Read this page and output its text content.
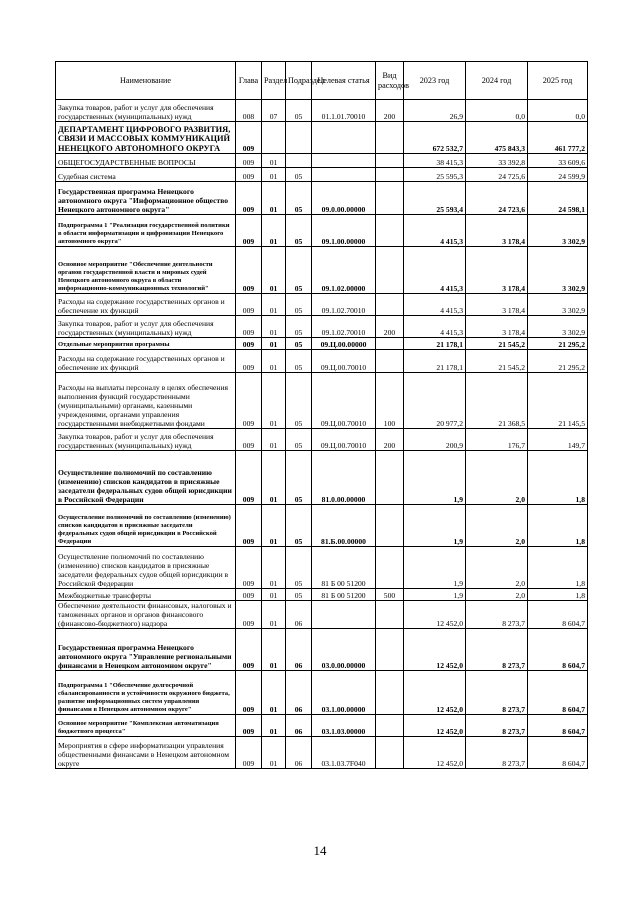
Наименование	Глава	Раздел	Подраздел	Целевая статья	Вид расходов	2023 год	2024 год	2025 год
Закупка товаров, работ и услуг для обеспечения государственных (муниципальных) нужд	008	07	05	01.1.01.70010	200	26,9	0,0	0,0
ДЕПАРТАМЕНТ ЦИФРОВОГО РАЗВИТИЯ, СВЯЗИ И МАССОВЫХ КОММУНИКАЦИЙ НЕНЕЦКОГО АВТОНОМНОГО ОКРУГА	009					672 532,7	475 843,3	461 777,2
ОБЩЕГОСУДАРСТВЕННЫЕ ВОПРОСЫ	009	01				38 415,3	33 392,8	33 609,6
Судебная система	009	01	05			25 595,3	24 725,6	24 599,9
Государственная программа Ненецкого автономного округа "Информационное общество Ненецкого автономного округа"	009	01	05	09.0.00.00000		25 593,4	24 723,6	24 598,1
Подпрограмма 1 "Реализация государственной политики в области информатизации и цифровизации Ненецкого автономного округа"	009	01	05	09.1.00.00000		4 415,3	3 178,4	3 302,9
Основное мероприятие "Обеспечение деятельности органов государственной власти и мировых судей Ненецкого автономного округа в области информационно-коммуникационных технологий"	009	01	05	09.1.02.00000		4 415,3	3 178,4	3 302,9
Расходы на содержание государственных органов и обеспечение их функций	009	01	05	09.1.02.70010		4 415,3	3 178,4	3 302,9
Закупка товаров, работ и услуг для обеспечения государственных (муниципальных) нужд	009	01	05	09.1.02.70010	200	4 415,3	3 178,4	3 302,9
Отдельные мероприятия программы	009	01	05	09.Ц.00.00000		21 178,1	21 545,2	21 295,2
Расходы на содержание государственных органов и обеспечение их функций	009	01	05	09.Ц.00.70010		21 178,1	21 545,2	21 295,2
Расходы на выплаты персоналу в целях обеспечения выполнения функций государственными (муниципальными) органами, казенными учреждениями, органами управления государственными внебюджетными фондами	009	01	05	09.Ц.00.70010	100	20 977,2	21 368,5	21 145,5
Закупка товаров, работ и услуг для обеспечения государственных (муниципальных) нужд	009	01	05	09.Ц.00.70010	200	200,9	176,7	149,7
Осуществление полномочий по составлению (изменению) списков кандидатов в присяжные заседатели федеральных судов общей юрисдикции в Российской Федерации	009	01	05	81.0.00.00000		1,9	2,0	1,8
Осуществление полномочий по составлению (изменению) списков кандидатов в присяжные заседатели федеральных судов общей юрисдикции в Российской Федерации	009	01	05	81.Б.00.00000		1,9	2,0	1,8
Осуществление полномочий по составлению (изменению) списков кандидатов в присяжные заседатели федеральных судов общей юрисдикции в Российской Федерации	009	01	05	81 Б 00 51200		1,9	2,0	1,8
Межбюджетные трансферты	009	01	05	81 Б 00 51200	500	1,9	2,0	1,8
Обеспечение деятельности финансовых, налоговых и таможенных органов и органов финансового (финансово-бюджетного) надзора	009	01	06			12 452,0	8 273,7	8 604,7
Государственная программа Ненецкого автономного округа "Управление региональными финансами в Ненецком автономном округе"	009	01	06	03.0.00.00000		12 452,0	8 273,7	8 604,7
Подпрограмма 1 "Обеспечение долгосрочной сбалансированности и устойчивости окружного бюджета, развитие информационных систем управления финансами в Ненецком автономном округе"	009	01	06	03.1.00.00000		12 452,0	8 273,7	8 604,7
Основное мероприятие "Комплексная автоматизация бюджетного процесса"	009	01	06	03.1.03.00000		12 452,0	8 273,7	8 604,7
Мероприятия в сфере информатизации управления общественными финансами в Ненецком автономном округе	009	01	06	03.1.03.7F040		12 452,0	8 273,7	8 604,7
14
